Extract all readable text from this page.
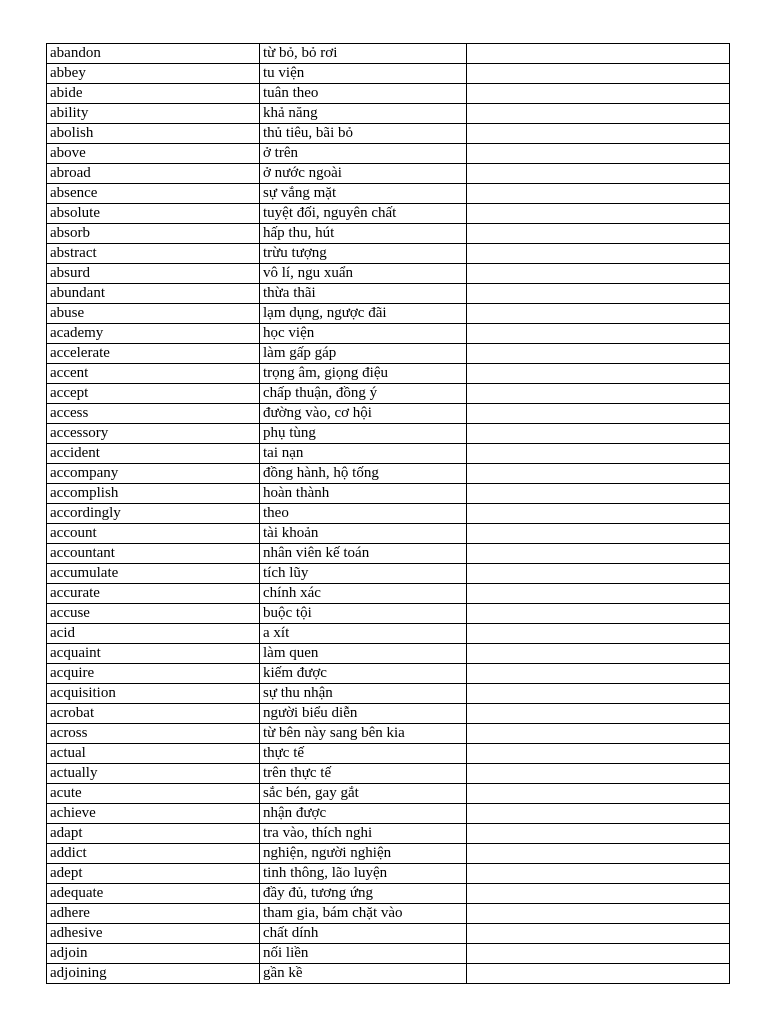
abandon	từ bỏ, bỏ rơi	
abbey	tu viện	
abide	tuân theo	
ability	khả năng	
abolish	thủ tiêu, bãi bỏ	
above	ở trên	
abroad	ở nước ngoài	
absence	sự vắng mặt	
absolute	tuyệt đối, nguyên chất	
absorb	hấp thu, hút	
abstract	trừu tượng	
absurd	vô lí, ngu xuẩn	
abundant	thừa thãi	
abuse	lạm dụng, ngược đãi	
academy	học viện	
accelerate	làm gấp gáp	
accent	trọng âm, giọng điệu	
accept	chấp thuận, đồng ý	
access	đường vào, cơ hội	
accessory	phụ tùng	
accident	tai nạn	
accompany	đồng hành, hộ tống	
accomplish	hoàn thành	
accordingly	theo	
account	tài khoản	
accountant	nhân viên kế toán	
accumulate	tích lũy	
accurate	chính xác	
accuse	buộc tội	
acid	a xít	
acquaint	làm quen	
acquire	kiếm được	
acquisition	sự thu nhận	
acrobat	người biểu diễn	
across	từ bên này sang bên kia	
actual	thực tế	
actually	trên thực tế	
acute	sắc bén, gay gắt	
achieve	nhận được	
adapt	tra vào, thích nghi	
addict	nghiện, người nghiện	
adept	tinh thông, lão luyện	
adequate	đầy đủ, tương ứng	
adhere	tham gia, bám chặt vào	
adhesive	chất dính	
adjoin	nối liền	
adjoining	gần kề	
